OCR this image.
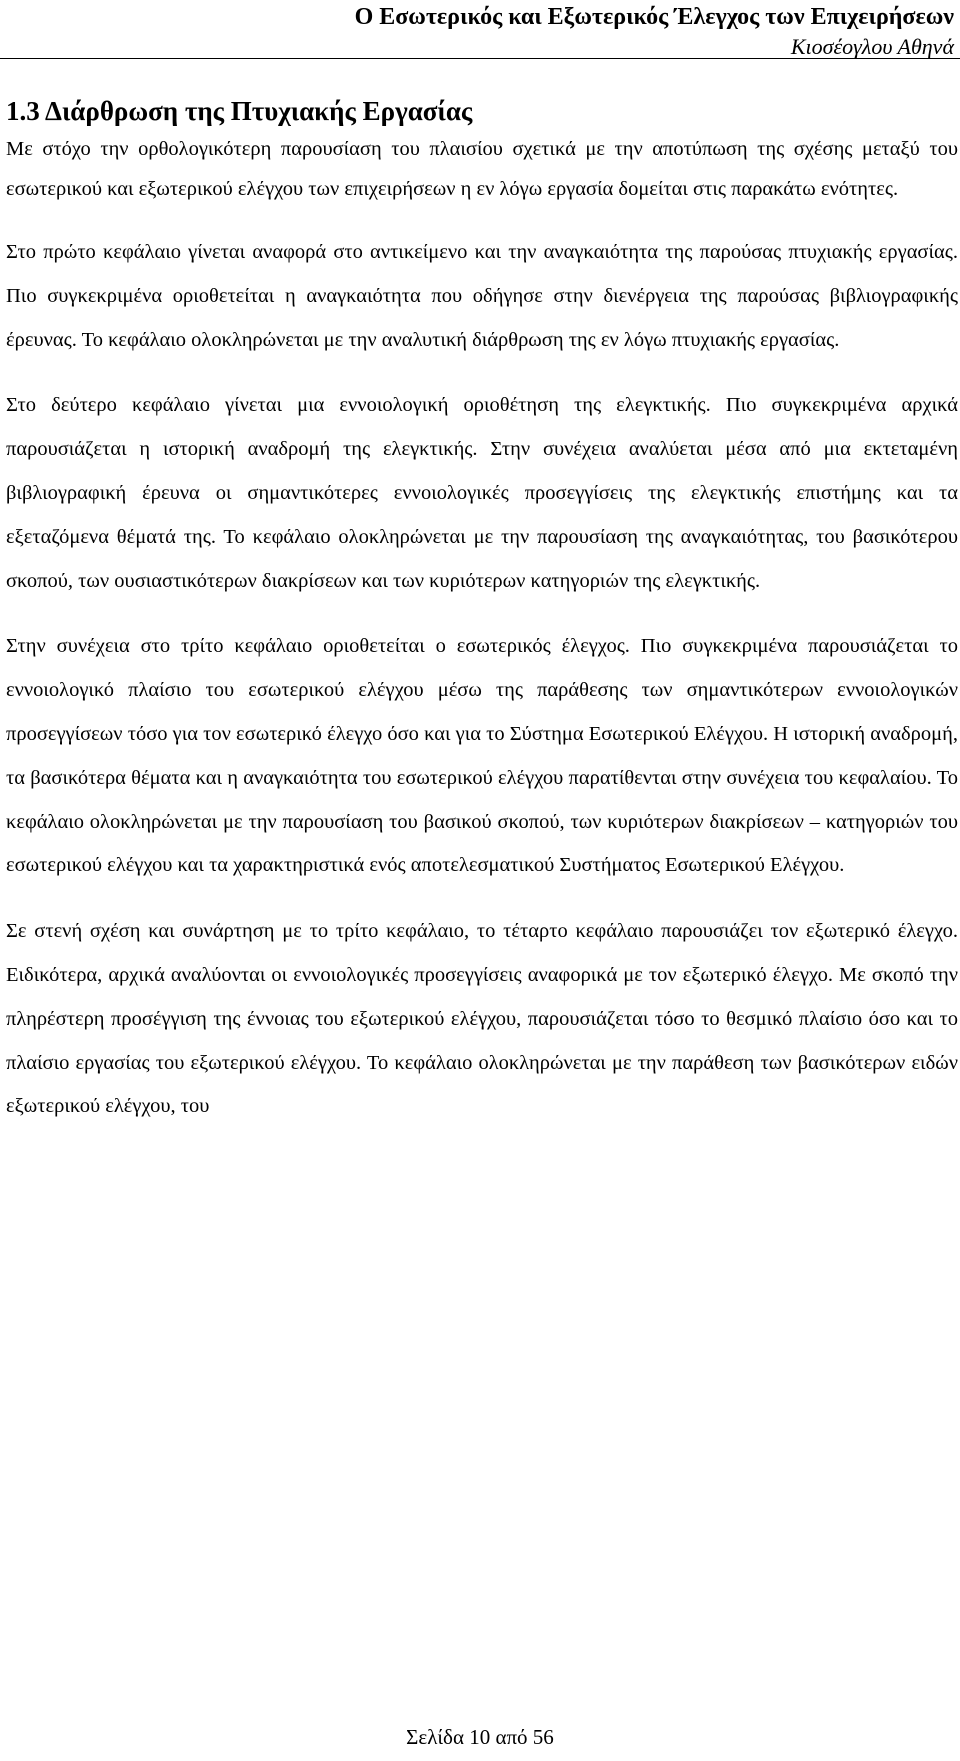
Ο Εσωτερικός και Εξωτερικός Έλεγχος των Επιχειρήσεων
Κιοσέογλου Αθηνά
1.3 Διάρθρωση της Πτυχιακής Εργασίας

Με στόχο την ορθολογικότερη παρουσίαση του πλαισίου σχετικά με την αποτύπωση της σχέσης μεταξύ του εσωτερικού και εξωτερικού ελέγχου των επιχειρήσεων η εν λόγω εργασία δομείται στις παρακάτω ενότητες.

Στο πρώτο κεφάλαιο γίνεται αναφορά στο αντικείμενο και την αναγκαιότητα της παρούσας πτυχιακής εργασίας. Πιο συγκεκριμένα οριοθετείται η αναγκαιότητα που οδήγησε στην διενέργεια της παρούσας βιβλιογραφικής έρευνας. Το κεφάλαιο ολοκληρώνεται με την αναλυτική διάρθρωση της εν λόγω πτυχιακής εργασίας.

Στο δεύτερο κεφάλαιο γίνεται μια εννοιολογική οριοθέτηση της ελεγκτικής. Πιο συγκεκριμένα αρχικά παρουσιάζεται η ιστορική αναδρομή της ελεγκτικής. Στην συνέχεια αναλύεται μέσα από μια εκτεταμένη βιβλιογραφική έρευνα οι σημαντικότερες εννοιολογικές προσεγγίσεις της ελεγκτικής επιστήμης και τα εξεταζόμενα θέματά της. Το κεφάλαιο ολοκληρώνεται με την παρουσίαση της αναγκαιότητας, του βασικότερου σκοπού, των ουσιαστικότερων διακρίσεων και των κυριότερων κατηγοριών της ελεγκτικής.

Στην συνέχεια στο τρίτο κεφάλαιο οριοθετείται ο εσωτερικός έλεγχος. Πιο συγκεκριμένα παρουσιάζεται το εννοιολογικό πλαίσιο του εσωτερικού ελέγχου μέσω της παράθεσης των σημαντικότερων εννοιολογικών προσεγγίσεων τόσο για τον εσωτερικό έλεγχο όσο και για το Σύστημα Εσωτερικού Ελέγχου. Η ιστορική αναδρομή, τα βασικότερα θέματα και η αναγκαιότητα του εσωτερικού ελέγχου παρατίθενται στην συνέχεια του κεφαλαίου. Το κεφάλαιο ολοκληρώνεται με την παρουσίαση του βασικού σκοπού, των κυριότερων διακρίσεων – κατηγοριών του εσωτερικού ελέγχου και τα χαρακτηριστικά ενός αποτελεσματικού Συστήματος Εσωτερικού Ελέγχου.

Σε στενή σχέση και συνάρτηση με το τρίτο κεφάλαιο, το τέταρτο κεφάλαιο παρουσιάζει τον εξωτερικό έλεγχο. Ειδικότερα, αρχικά αναλύονται οι εννοιολογικές προσεγγίσεις αναφορικά με τον εξωτερικό έλεγχο. Με σκοπό την πληρέστερη προσέγγιση της έννοιας του εξωτερικού ελέγχου, παρουσιάζεται τόσο το θεσμικό πλαίσιο όσο και το πλαίσιο εργασίας του εξωτερικού ελέγχου. Το κεφάλαιο ολοκληρώνεται με την παράθεση των βασικότερων ειδών εξωτερικού ελέγχου, του

Σελίδα 10 από 56
